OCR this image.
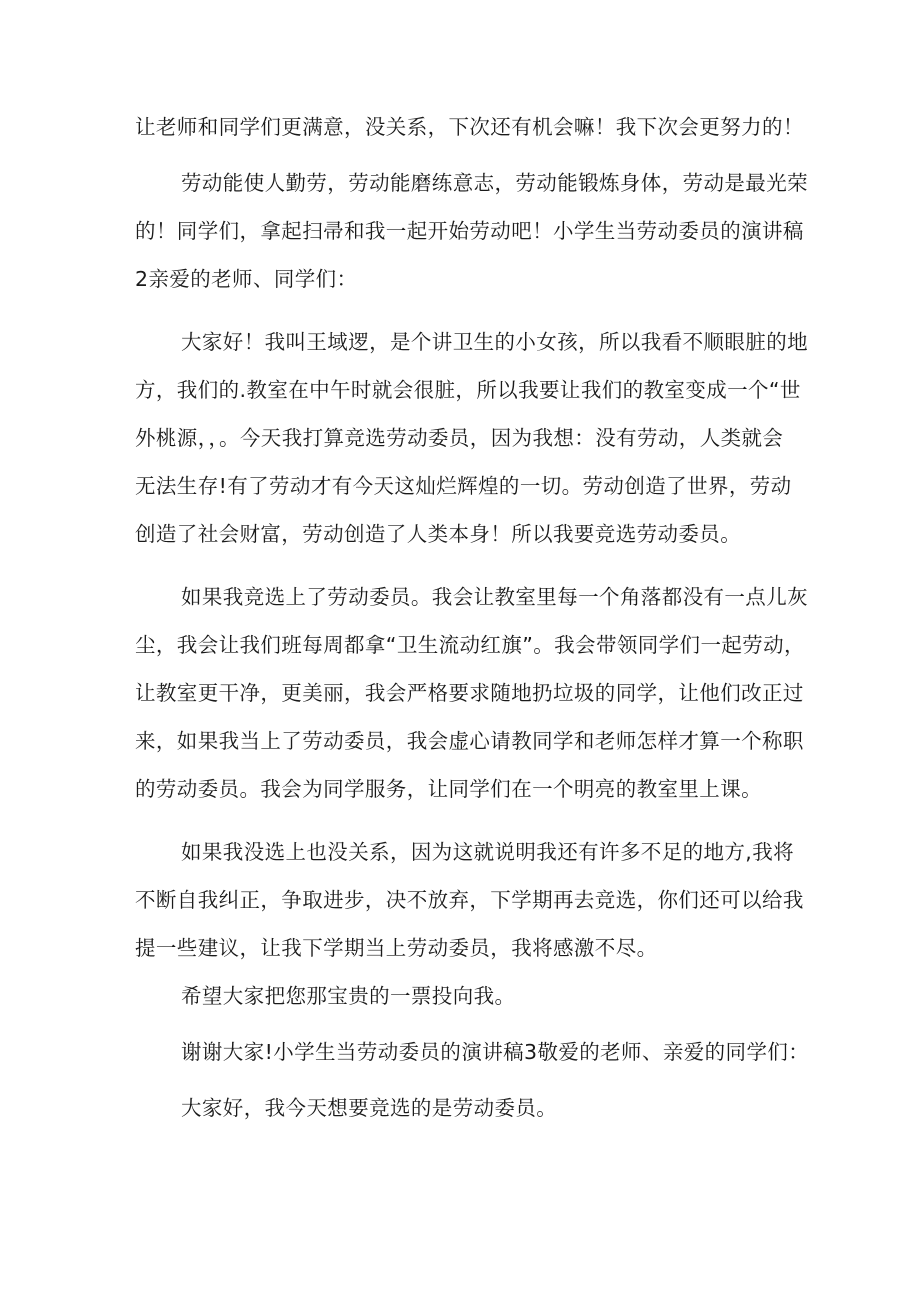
让老师和同学们更满意，没关系，下次还有机会嘛！我下次会更努力的！
劳动能使人勤劳，劳动能磨练意志，劳动能锻炼身体，劳动是最光荣
的！同学们，拿起扫帚和我一起开始劳动吧！小学生当劳动委员的演讲稿
2亲爱的老师、同学们：
大家好！我叫王域逻，是个讲卫生的小女孩，所以我看不顺眼脏的地
方，我们的.教室在中午时就会很脏，所以我要让我们的教室变成一个“世
外桃源，，。今天我打算竞选劳动委员，因为我想：没有劳动，人类就会
无法生存!有了劳动才有今天这灿烂辉煌的一切。劳动创造了世界，劳动
创造了社会财富，劳动创造了人类本身！所以我要竞选劳动委员。
如果我竞选上了劳动委员。我会让教室里每一个角落都没有一点儿灰
尘，我会让我们班每周都拿“卫生流动红旗”。我会带领同学们一起劳动，
让教室更干净，更美丽，我会严格要求随地扔垃圾的同学，让他们改正过
来，如果我当上了劳动委员，我会虚心请教同学和老师怎样才算一个称职
的劳动委员。我会为同学服务，让同学们在一个明亮的教室里上课。
如果我没选上也没关系，因为这就说明我还有许多不足的地方,我将
不断自我纠正，争取进步，决不放弃，下学期再去竞选，你们还可以给我
提一些建议，让我下学期当上劳动委员，我将感激不尽。
希望大家把您那宝贵的一票投向我。
谢谢大家!小学生当劳动委员的演讲稿3敬爱的老师、亲爱的同学们：
大家好，我今天想要竞选的是劳动委员。
